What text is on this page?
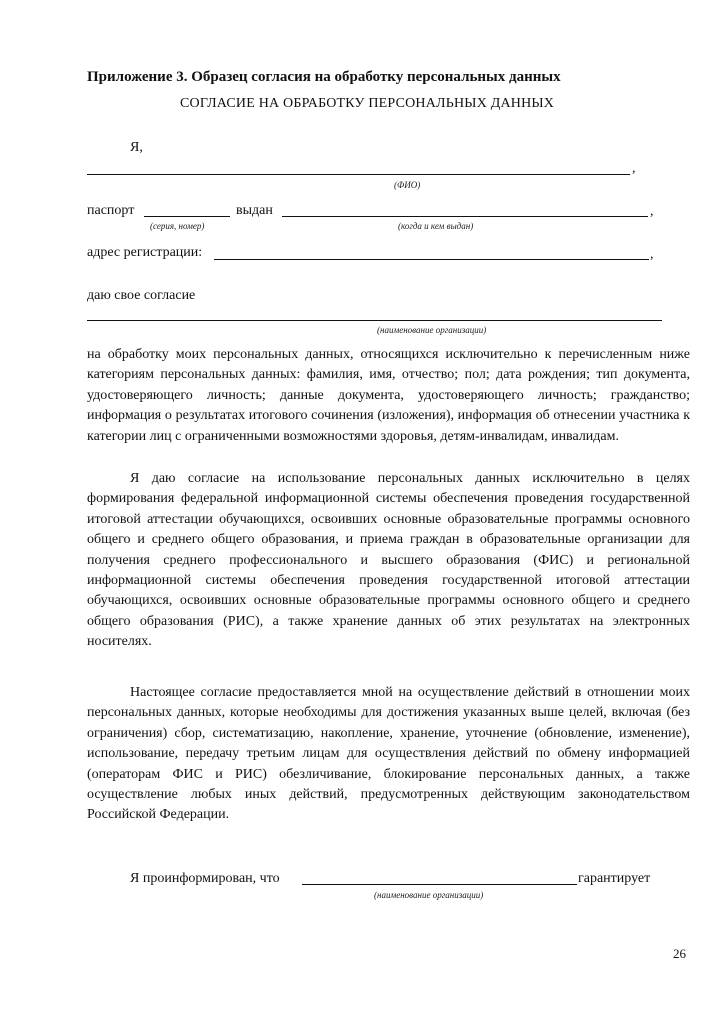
Приложение 3. Образец согласия на обработку персональных данных
СОГЛАСИЕ НА ОБРАБОТКУ ПЕРСОНАЛЬНЫХ ДАННЫХ
Я,
,
(ФИО)
паспорт	выдан	,
(серия, номер)	(когда и кем выдан)
адрес регистрации:	,
даю свое согласие
(наименование организации)
на обработку моих персональных данных, относящихся исключительно к перечисленным ниже категориям персональных данных: фамилия, имя, отчество; пол; дата рождения; тип документа, удостоверяющего личность; данные документа, удостоверяющего личность; гражданство; информация о результатах итогового сочинения (изложения), информация об отнесении участника к категории лиц с ограниченными возможностями здоровья, детям-инвалидам, инвалидам.
Я даю согласие на использование персональных данных исключительно в целях формирования федеральной информационной системы обеспечения проведения государственной итоговой аттестации обучающихся, освоивших основные образовательные программы основного общего и среднего общего образования, и приема граждан в образовательные организации для получения среднего профессионального и высшего образования (ФИС) и региональной информационной системы обеспечения проведения государственной итоговой аттестации обучающихся, освоивших основные образовательные программы основного общего и среднего общего образования (РИС), а также хранение данных об этих результатах на электронных носителях.
Настоящее согласие предоставляется мной на осуществление действий в отношении моих персональных данных, которые необходимы для достижения указанных выше целей, включая (без ограничения) сбор, систематизацию, накопление, хранение, уточнение (обновление, изменение), использование, передачу третьим лицам для осуществления действий по обмену информацией (операторам ФИС и РИС) обезличивание, блокирование персональных данных, а также осуществление любых иных действий, предусмотренных действующим законодательством Российской Федерации.
Я проинформирован, что	гарантирует
(наименование организации)
26
